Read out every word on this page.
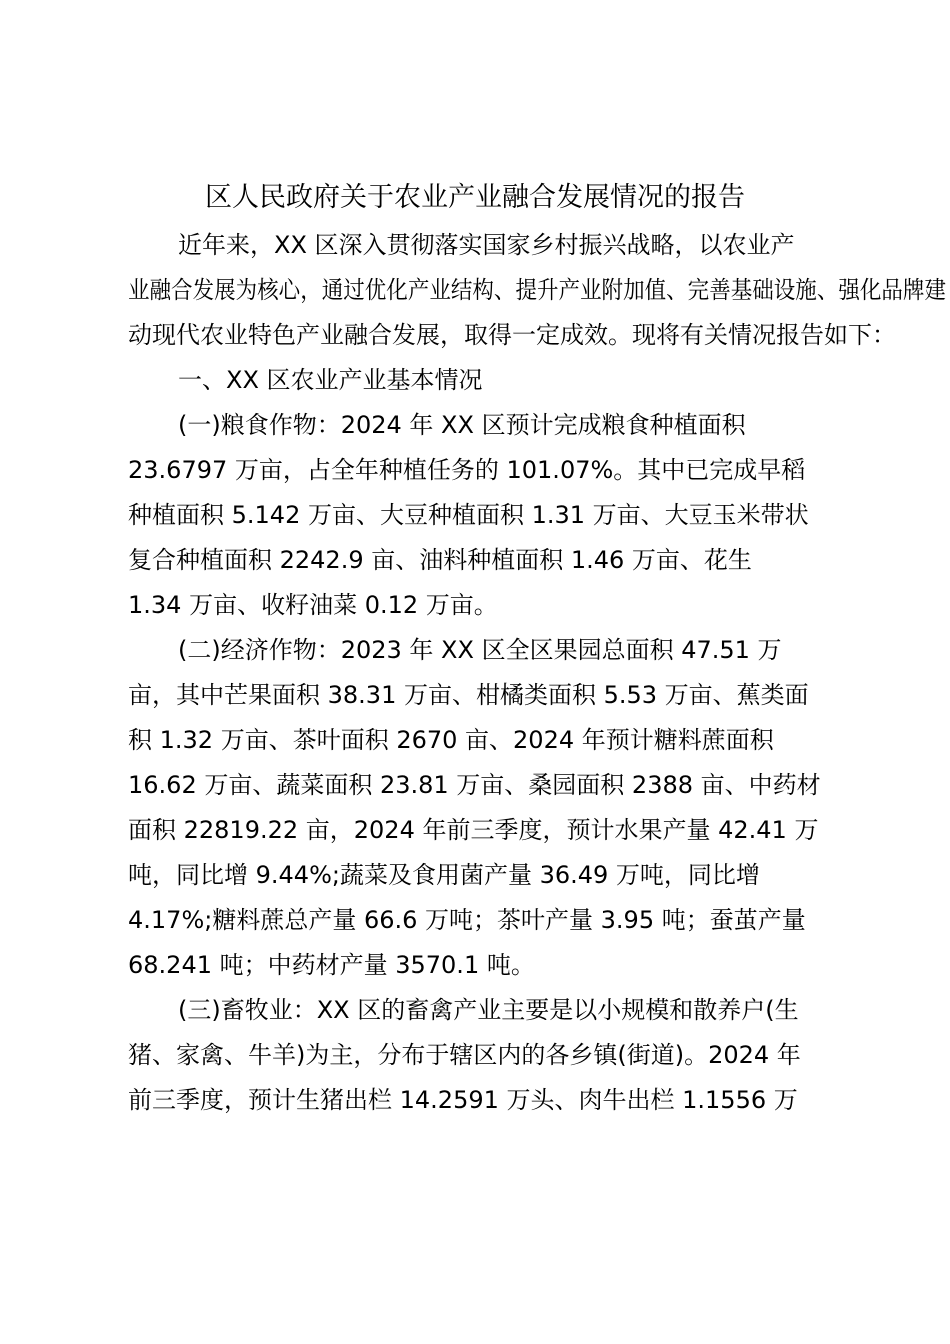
区人民政府关于农业产业融合发展情况的报告
近年来，XX 区深入贯彻落实国家乡村振兴战略，以农业产
业融合发展为核心，通过优化产业结构、提升产业附加值、完善基础设施、强化品牌建
动现代农业特色产业融合发展，取得一定成效。现将有关情况报告如下：
一、XX 区农业产业基本情况
(一)粮食作物：2024 年 XX 区预计完成粮食种植面积
23.6797 万亩，占全年种植任务的 101.07%。其中已完成早稻
种植面积 5.142 万亩、大豆种植面积 1.31 万亩、大豆玉米带状
复合种植面积 2242.9 亩、油料种植面积 1.46 万亩、花生
1.34 万亩、收籽油菜 0.12 万亩。
(二)经济作物：2023 年 XX 区全区果园总面积 47.51 万
亩，其中芒果面积 38.31 万亩、柑橘类面积 5.53 万亩、蕉类面
积 1.32 万亩、茶叶面积 2670 亩、2024 年预计糖料蔗面积
16.62 万亩、蔬菜面积 23.81 万亩、桑园面积 2388 亩、中药材
面积 22819.22 亩，2024 年前三季度，预计水果产量 42.41 万
吨，同比增 9.44%;蔬菜及食用菌产量 36.49 万吨，同比增
4.17%;糖料蔗总产量 66.6 万吨；茶叶产量 3.95 吨；蚕茧产量
68.241 吨；中药材产量 3570.1 吨。
(三)畜牧业：XX 区的畜禽产业主要是以小规模和散养户(生
猪、家禽、牛羊)为主，分布于辖区内的各乡镇(街道)。2024 年
前三季度，预计生猪出栏 14.2591 万头、肉牛出栏 1.1556 万
